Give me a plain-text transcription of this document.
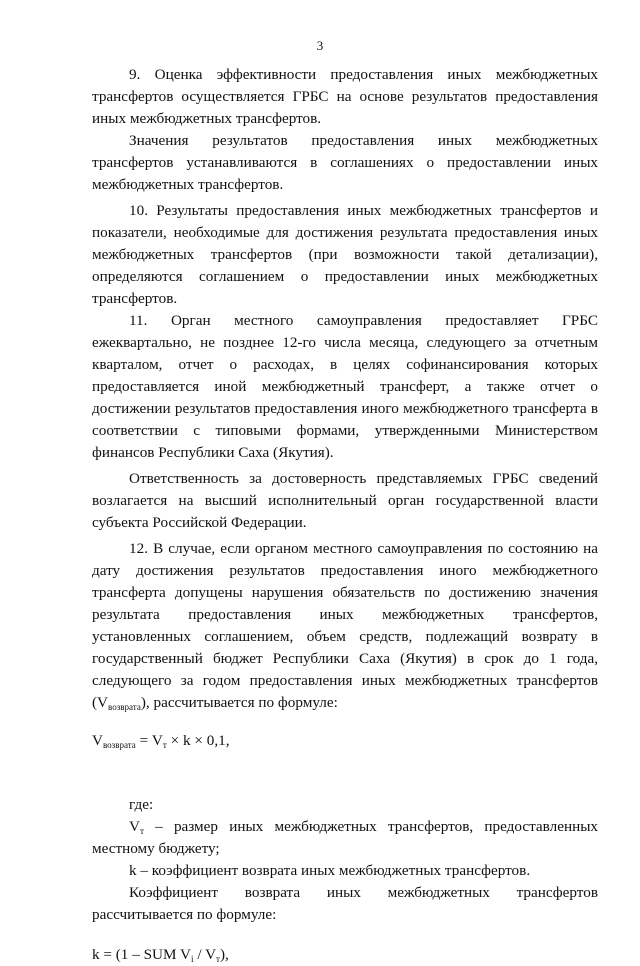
3

9. Оценка эффективности предоставления иных межбюджетных трансфертов осуществляется ГРБС на основе результатов предоставления иных межбюджетных трансфертов.

Значения результатов предоставления иных межбюджетных трансфертов устанавливаются в соглашениях о предоставлении иных межбюджетных трансфертов.

10. Результаты предоставления иных межбюджетных трансфертов и показатели, необходимые для достижения результата предоставления иных межбюджетных трансфертов (при возможности такой детализации), определяются соглашением о предоставлении иных межбюджетных трансфертов.

11. Орган местного самоуправления предоставляет ГРБС ежеквартально, не позднее 12-го числа месяца, следующего за отчетным кварталом, отчет о расходах, в целях софинансирования которых предоставляется иной межбюджетный трансферт, а также отчет о достижении результатов предоставления иного межбюджетного трансферта в соответствии с типовыми формами, утвержденными Министерством финансов Республики Саха (Якутия).

Ответственность за достоверность представляемых ГРБС сведений возлагается на высший исполнительный орган государственной власти субъекта Российской Федерации.

12. В случае, если органом местного самоуправления по состоянию на дату достижения результатов предоставления иного межбюджетного трансферта допущены нарушения обязательств по достижению значения результата предоставления иных межбюджетных трансфертов, установленных соглашением, объем средств, подлежащий возврату в государственный бюджет Республики Саха (Якутия) в срок до 1 года, следующего за годом предоставления иных межбюджетных трансфертов $(V_{возврата})$, рассчитывается по формуле:

$V_{возврата} = V_т \times k \times 0,1$,

где:

$V_т$ – размер иных межбюджетных трансфертов, предоставленных местному бюджету;

k – коэффициент возврата иных межбюджетных трансфертов.

Коэффициент возврата иных межбюджетных трансфертов рассчитывается по формуле:

k = (1 – SUM $V_i / V_т$),
